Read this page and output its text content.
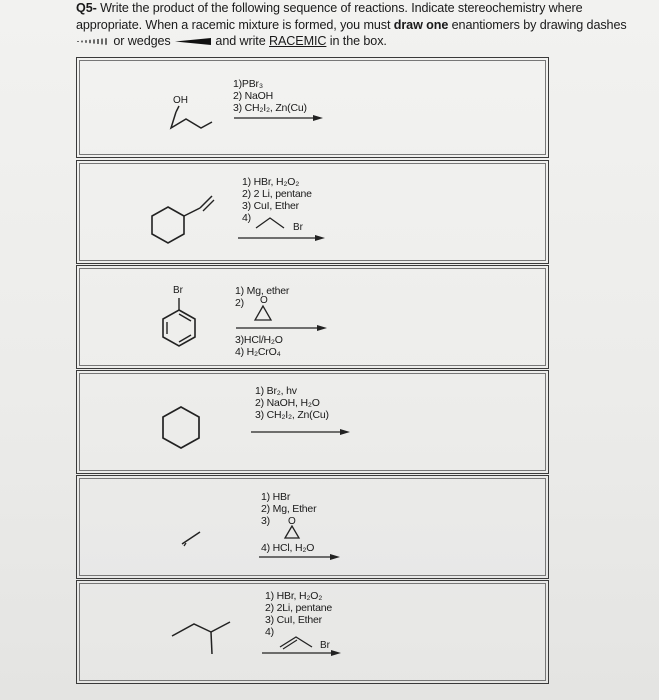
Q5- Write the product of the following sequence of reactions. Indicate stereochemistry where appropriate. When a racemic mixture is formed, you must draw one enantiomers by drawing dashes  or wedges	and write RACEMIC in the box.
OH
1)PBr₃
2) NaOH
3) CH₂I₂, Zn(Cu)
1) HBr, H₂O₂
2) 2 Li, pentane
3) CuI, Ether
4)
Br
Br	1) Mg, ether
2)	O
3)HCl/H₂O
4) H₂CrO₄
1) Br₂, hv
2) NaOH, H₂O
3) CH₂I₂, Zn(Cu)
1) HBr
2) Mg, Ether
3)	O
4) HCl, H₂O
1) HBr, H₂O₂
2) 2Li, pentane
3) CuI, Ether
4)
Br
